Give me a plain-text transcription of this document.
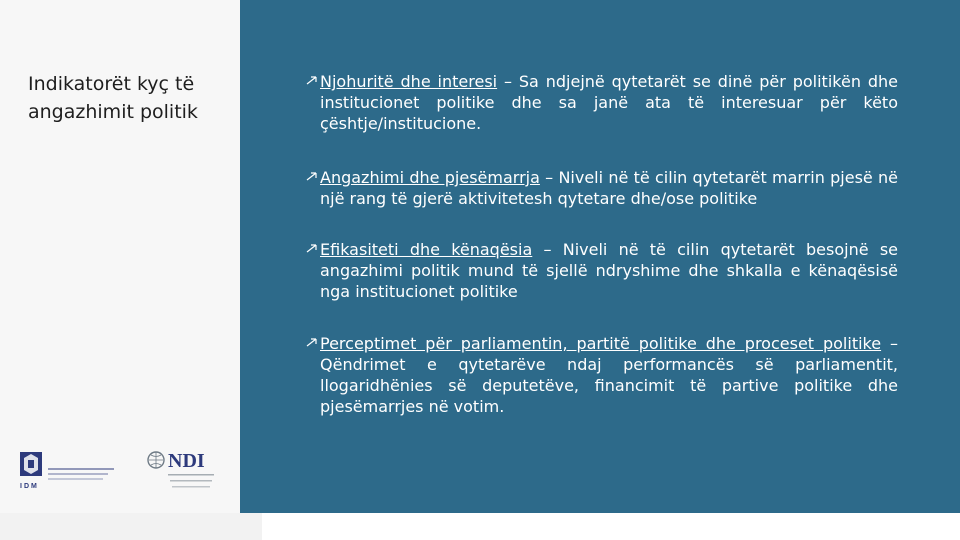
Indikatorët kyç të angazhimit politik
Njohuritë dhe interesi – Sa ndjejnë qytetarët se dinë për politikën dhe institucionet politike dhe sa janë ata të interesuar për këto çështje/institucione.
Angazhimi dhe pjesëmarrja – Niveli në të cilin qytetarët marrin pjesë në një rang të gjerë aktivitetesh qytetare dhe/ose politike
Efikasiteti dhe kënaqësia – Niveli në të cilin qytetarët besojnë se angazhimi politik mund të sjellë ndryshime dhe shkalla e kënaqësisë nga institucionet politike
Perceptimet për parliamentin, partitë politike dhe proceset politike – Qëndrimet e qytetarëve ndaj performancës së parliamentit, llogaridhënies së deputetëve, financimit të partive politike dhe pjesëmarrjes në votim.
IDM
NDI
